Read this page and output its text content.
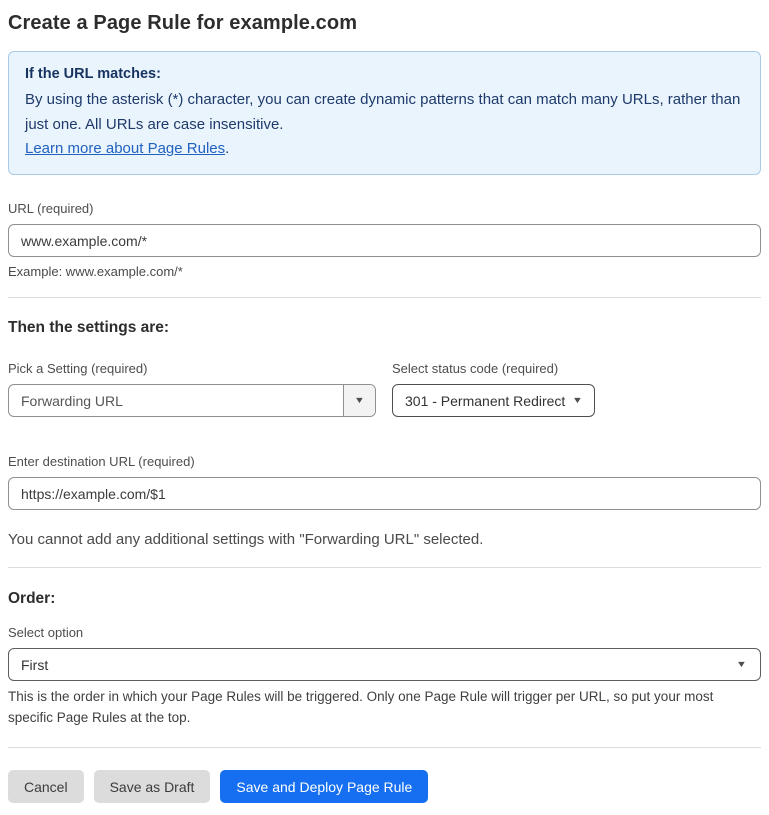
Create a Page Rule for example.com

If the URL matches:

By using the asterisk (*) character, you can create dynamic patterns that can match many URLs, rather than just one. All URLs are case insensitive.

Learn more about Page Rules.

URL (required)
www.example.com/*
Example: www.example.com/*
Then the settings are:
Pick a Setting (required)
Forwarding URL	▼
Select status code (required)
301 - Permanent Redirect ▼
Enter destination URL (required)
https://example.com/$1

You cannot add any additional settings with "Forwarding URL" selected.

Order:
Select option
First	▼

This is the order in which your Page Rules will be triggered. Only one Page Rule will trigger per URL, so put your most specific Page Rules at the top.

Cancel	Save as Draft	Save and Deploy Page Rule
